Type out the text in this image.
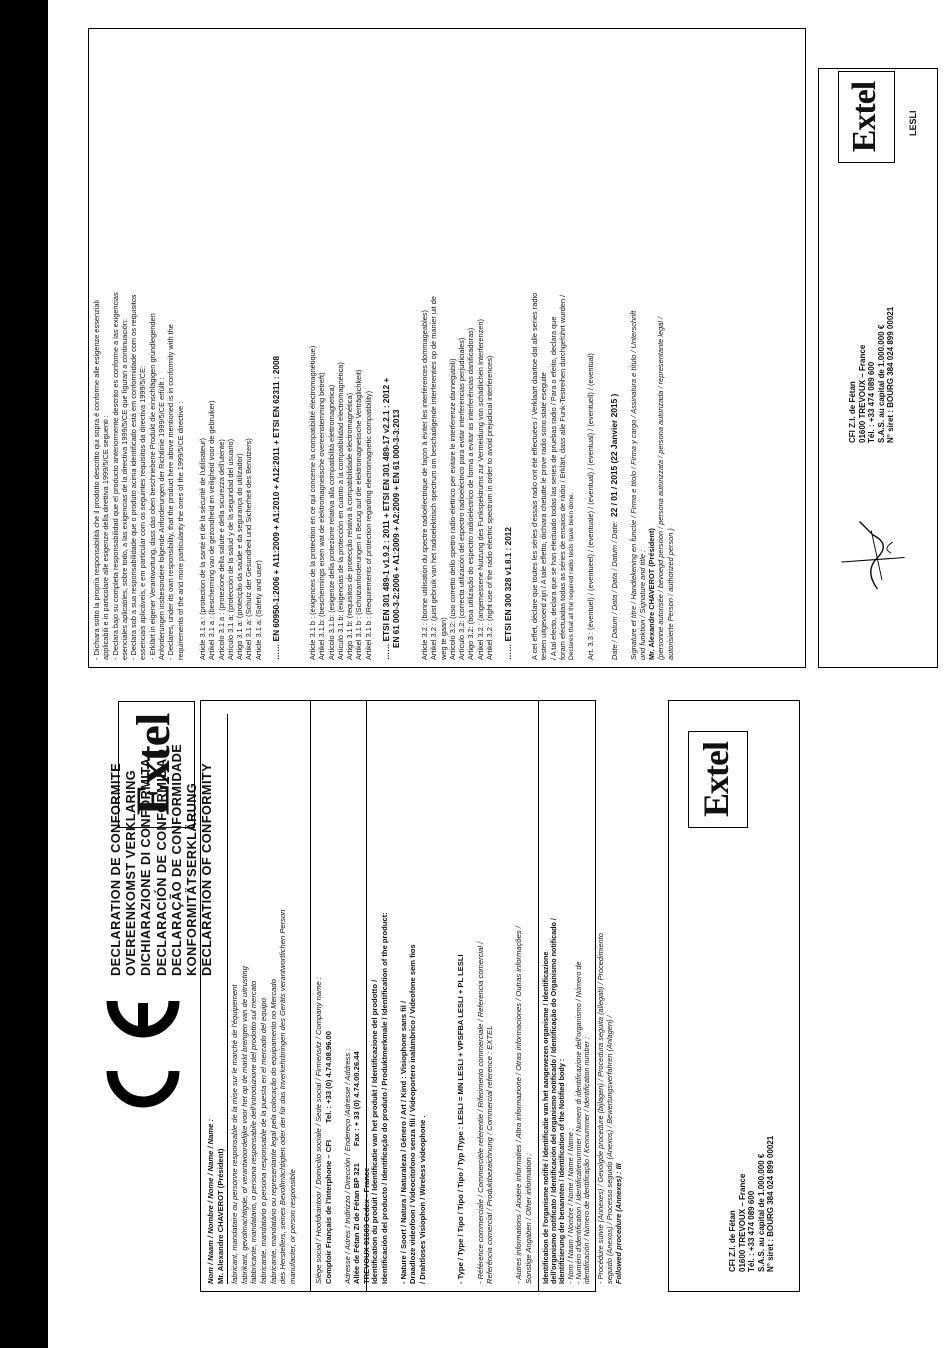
ANNEXE - ALLEGATO - ANEXO - ANNEX - BIJLAGE - ANHANG	DECLARATION DE CONFORMITE OVEREENKOMST VERKLARING DICHIARAZIONE DI CONFORMITA DECLARACIÓN DE CONFORMIDAD DECLARAÇÃO DE CONFORMIDADE KONFORMITÄTSERKLÄRUNG DECLARATION OF CONFORMITY
Extel

Nom / Naam / Nombre / Nome / Name / Name : Mr. Alexandre CHAVEROT (Président) fabricant, mandataire ou personne responsable de la mise sur le marché de l'équipement fabrikant, gevolmachtigde, of verantwoordelijke voor het op de markt brengen van de uitrusting fabbricante, mandatario, o persona responsabile dell'introduzione del prodotto sul mercato fabricante, mandatario o persona responsable de la puesta en el mercado del equipo fabricante, mandatário ou representante legal pela colocação do equipamento no Mercado des Herstellers, seines Bevollmächtigten oder der für das Inverkehrbringen des Geräts verantwortlichen Person manufacter, or person responsible Siège social / Hoofdkantoor / Domicilio sociale / Sede social / Firmensitz / Company name : Comptoir Français de l'Interphone – CFI        Tel. : +33 (0) 4.74.08.96.00

Adresse / Adres / Indirizzo / Dirección / Endereço /Adresse / Address : Allée de Fétan ZI de Fétan BP 321        Fax : + 33 (0) 4.74.00.26.44

TREVOUX 01603 Cedex - France Identification du produit / Identificatie van het produkt / Identificazione del prodotto / Identificación del producto / Identificação do produto / Produktmerkmale / Identification of the product:

- Nature / Soort / Natura / Naturaleza / Género / Art / Kind : Visiophone sans fil / Draadloze videofoon / Videocitofono senza fili / Videoportero inalámbrico / Videofone sem fios / Drahtloses Visiophon / Wireless videophone .

	- Type / Type / Tipo / Tipo / Tipo / Typ /Type : LESLI = MN LESLI + VPSFBA LESLI + PL LESLI

- Référence commerciale / Commerciële referentie / Riferimento commerciale / Referencia comercial / Referência comercial / Produktbezeichnung / Commercial reference : EXTEL

	- Autres informations / Andere informaties / Altra informazione / Otras informaciones / Outras informações / Sonstige Angaben / Other information : Identification de l'organisme notifié / Identificatie van het aangewezen organisme / Identificazione dell'organismo notificato / Identificación del organismo notificado / Identificação do Organismo notificado / Identifizierung der benannten / Identification of the Notified body : - Nom / Naam / Nombre / Nome / Name / Name : - Numéro d'identification / Identificatienummer / Numero di identificazione dell'organismo / Número de identificación / Número de identificação / Kennummer / Identification number : - Procédure suivie (Annexes) / Gevolgde procedure (bijlagen) / Procedura seguita (allegati) / Procedimiento seguido (Anexos) / Processo seguido (Anexos) / Bewertungsverfahren (Anlagen) / Followed procedure (Annexes) : III	CFI Z.I. de Fétan 01600 TREVOUX – France Tél. : +33 474 089 600 S.A.S. au capital de 1.000.000 € N° siret : BOURG 384 024 899 00021

Extel

- Dichiara sotto la propria responsabilità che il prodotto descritto qui sopra è conforme alle esigenze essenziali applicabili e in particolare alle esigenze della direttiva 1999/5/CE seguenti : - Declara bajo su completa responsabilidad que el producto anteriormente descrito es conforme a las exigencias esenciales aplicables, sobre todo, a las exigencias de la directiva 1999/5/CE que figuran a continuación: - Declara sob a sua responsabilidade que o produto acima identificado está em conformidade com os requisitos essenciais aplicáveis, e em particular com os seguintes requisitos da directiva 1999/5/CE: - Erklärt in eigener Verantwortung, dass das oben beschriebene Produkt die einschlägigen grundlegenden Anforderungen insbesondere folgende Anforderungen der Richtlinie 1999/5/CE erfüllt : - Declares, under its own responsibility, that the product here above mentioned is in conformity with the requirements of the and more particularity the ones of the 1999/5/CE directive : Article 3.1 a : (protection de la santé et de la sécurité de l'utilisateur) Artikel 3.1 a : (bescherming van de gezondheid en veiligheid voor de gebruiker) Articolo 3.1 a : (protezione della salute e della sicurezza dell'utente) Artículo 3.1 a: (protección de la salud y de la seguridad del usuario) Artigo 3.1 a: (protecção da saúde e da segurança do utilizador) Artikel 3.1 a: (Schutz der Gesundheit und Sicherheit des Benutzers) Article 3.1 a: (Safety and user)

…… EN 60950-1:2006 + A11:2009 + A1:2010 + A12:2011 + ETSI EN 62311 : 2008	Article 3.1 b : (exigences de la protection en ce qui concerne la compatibilité électromagnétique) Artikel 3.1.b: (beschermings eisen wat de elektromagnetische overeenstemming betreft) Articolo 3.1.b: (esigenze della protezione relativa alla compatibilità elettromagnetica) Artículo 3.1 b: (exigencias de la protección en cuanto a la compatibilidad electromagnética) Artigo 3.1 b: (requisitos de protecção relativa à compatibilidade electromagnética) Artikel 3.1 b : (Schutzanforderungen in Bezug auf die elektromagnetische Verträglichkeit) Artikel 3.1 b : (Requirements of protection regarding electromagnetic compatibility)

…… ETSI EN 301 489-1 v1.9.2 : 2011 + ETSI EN 301 489-17 v2.2.1 : 2012 + EN 61 000-3-2:2006 + A1:2009 + A2:2009 + EN 61 000-3-3:2013	Article 3.2 : (bonne utilisation du spectre radioélectrique de façon à éviter les interférences dommageables) Artikel 3.2 : (juist gebruik van het radioelektrisch spectrum om beschadigende interferenties op de manier uit de weg te gaan) Articolo 3.2: (uso corretto dello spettro radio-elettrico per evitare le interferenze dannegiabili) Artículo 3.2: (correcta utilización del espectro radioeléctrico para evitar interferencias perjudiciales) Artigo 3.2: (boa utilização do espectro radioeléctrico de forma a evitar as interferências danificadoras) Artikel 3.2 : (angemessene Nutzung des Funkspektrums zur Vermeidung von schädlichen Interferenzen) Artikel 3.2 : (right use of the radio electric spectrum in order to avoid prejudicial interferences)

…… ETSI EN 300 328 v1.8.1 : 2012 A cet effet, déclare que toutes les séries d'essais radio ont été effectuées / Verklaart daartoe dat alle series radio testen uitgevoerd zijn / A tale effetto, dichiara chetutte le prove radio sono state eseguite / A tal efecto, declara que se han efectuado todas las series de pruebas radio / Para o efeito, declara que foram efectuadas todas as séries de ensaios de rádio / Erklärt, dass alle Funk-Testreihen durchgeführt wurden / Declares that all the required radio tests have been done.

Art. 3.3 : (éventuel) / (eventueel) / (eventuale) / (eventual) / (eventual) / (eventuell) / (eventual) Date / Datum / Data / Data / Datum / Date:  22 / 01 / 2015 (22 Janvier 2015 )

Signature et titre / Handtekening en functie / Firma e titolo / Firma y cargo / Assinatura e título / Unterschrift und funktion / Signature and title : Mr. Alexandre CHAVEROT (Président) (personne autorisée / bevoegd persoon / persona autorizzata / persona autorizada / representante legal / autorisierte Person / authorized person )

CFI Z.I. de Fétan 01600 TREVOUX – France Tél. : +33 474 089 600 S.A.S. au capital de 1.000.000 € N° siret : BOURG 384 024 899 00021

Extel	LESLI
